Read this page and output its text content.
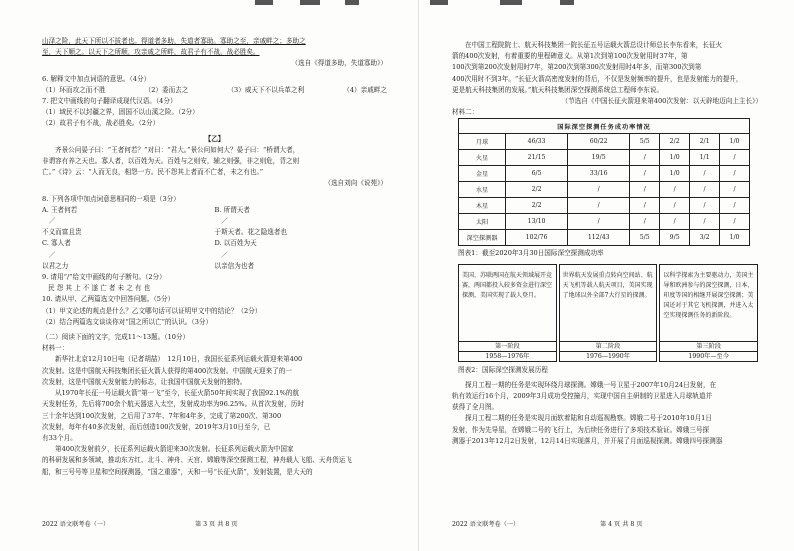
山泽之险，此天下所以不拔者也。得道者多助，失道者寡助。寡助之至，亲戚畔之；多助之

至，天下顺之。以天下之所顺，攻亲戚之所畔，故君子有不战，战必胜矣。

（选自《得道多助，失道寡助》）

6. 解释文中加点词语的意思。（4分）

（1）环而攻之而不胜	（2）委而去之	（3）威天下不以兵革之利	（4）亲戚畔之

7. 把文中画线的句子翻译成现代汉语。（4分）

（1）域民不以封疆之界，固国不以山溪之险。（2分）

（2）故君子有不战，战必胜矣。（2分）

【乙】

齐景公问晏子曰：“王者何若？”对曰：“君大。”景公问如何大？晏子曰：“桥谓大者，

非谓容有养之天也。寡人者，以百姓为天。百姓与之则安，辅之则强，非之则危，背之则

亡。”《诗》云：“人而无良，相怨一方。民不怨其上者而不亡者，未之有也。”

（选自刘向《说苑》）

8. 下列各项中加点词意思相同的一项是（3分）

A. 王者何若
　／　
不义而富且贵
B. 所谓天者
　／　
于斯天者。花之隐逸者也
C. 寡人者
　／　
以君之力
D. 以百姓为天
　／　
以亲信为也者

9. 请用“/”给文中画线的句子断句。（2分）

民 怨 其 上 不 遂 亡 者 未 之 有 也

10. 请从甲、乙两篇选文中回答问题。（5分）

（1）甲文论述的观点是什么？乙文哪句话可以证明甲文中的结论？（2分）

（2）结合两篇选文谈谈你对“国之所以亡”的认识。（3分）

（二）阅读下面的文字，完成11～13题。（10分）

材料一：

新华社北京12月10日电（记者胡喆）　12月10日，我国长征系列运载火箭迎来第400

次发射。这是中国航天科技集团长征火箭人获得的第400次发射。中国航天迎来了的一

次发射，这是中国航天发射能力的标志，让我国中国航天发射的独特。

从1970年长征一号运载火箭“第一飞”至今，长征火箭50年间实现了我国92.1%的航

天发射任务，先后将700余个航天器送入太空，发射成功率为96.25%。从首次发射，历时

三十余年达到100次发射，之后用了37年、7年和4年多，完成了第200次、第300

次发射，每年有40多次发射，而后创造100次发射，2019年3月10日至今，已

有33个月。

第400次发射前夕，长征系列运载火箭迎来30次发射。长征系列运载火箭为中国家

的科研发展和多领域，推动东方红、北斗、神舟、天宫、嫦娥等深空探测工程，神舟载人飞船、天舟货运飞

船，和三号号等卫星和空间探测器，“国之重器”，天和一号“长征火箭”，发射装置，是大天的

2022 语文联考卷（一）	第 3 页 共 8 页

在中国工程院院士、航天科技集团一院长征五号运载火箭总设计师总长李东看来，长征火

箭的400次发射，有着重要的里程碑意义。从第1次到第100次发射用时37年，第

100次到第200次发射用时7年，第200次到第300次发射用时4年多，而第300次到第

400次用时不到3年。“长征火箭高密度发射的背后，不仅是发射频率的提升，也是发射能力的提升，

更是航天科技集团的发展。”航天科技集团深空探测系统总工程师李东说。

（节选自《中国长征火箭迎来第400次发射：以天辟地迈向上主长》）

材料二：

国际深空探测任务成功率情况						
月球	46/33	60/22	5/5	2/2	2/1	1/0
火星	21/15	19/5	/	1/0	1/1	/
金星	6/5	33/16	/	1/0	/	/
水星	2/2	/	/	/	/	/
木星	2/2	/	/	/	/	/
太阳	13/10	/	/	/	/	/
深空探测器	102/76	112/43	5/5	9/5	3/2	1/0

图表1：截至2020年3月30日国际深空探测成功率

美国、苏联两国在航天领域展开竞赛，两国都投入较多资金进行深空探测，美国实现了载人登月。
第一阶段
1958—1976年
世界航天发展重点转向空间站、航天飞机等载人航天项目，美国实现了地球以外全部7大行星的探测。
第二阶段
1976—1990年
以科学探索为主要驱动力，美国主导和欧洲参与的深空探测，日本、印度等国的相继开展深空探测；美国还对于其它飞机探测，并进入太空实现探测任务的新阶段。
第三阶段
1990年—至今

图表2：国际深空探测发展历程

探月工程一期的任务是实现环绕月球探测。嫦娥一号卫星于2007年10月24日发射，在

轨有效运行16个月，2009年3月成功受控撞月，实现中国自主研制的卫星进入月球轨道并

获得了全月图。

探月工程二期的任务是实现月面软着陆和自动巡视勘察。嫦娥二号于2010年10月1日

发射，作为先导星，在嫦娥二号的飞行上，为后续任务进行了多项技术验证。嫦娥三号探

测器于2013年12月2日发射，12月14日实现落月，并开展了月面巡视探测。嫦娥四号探测器

2022 语文联考卷（一）	第 4 页 共 8 页
